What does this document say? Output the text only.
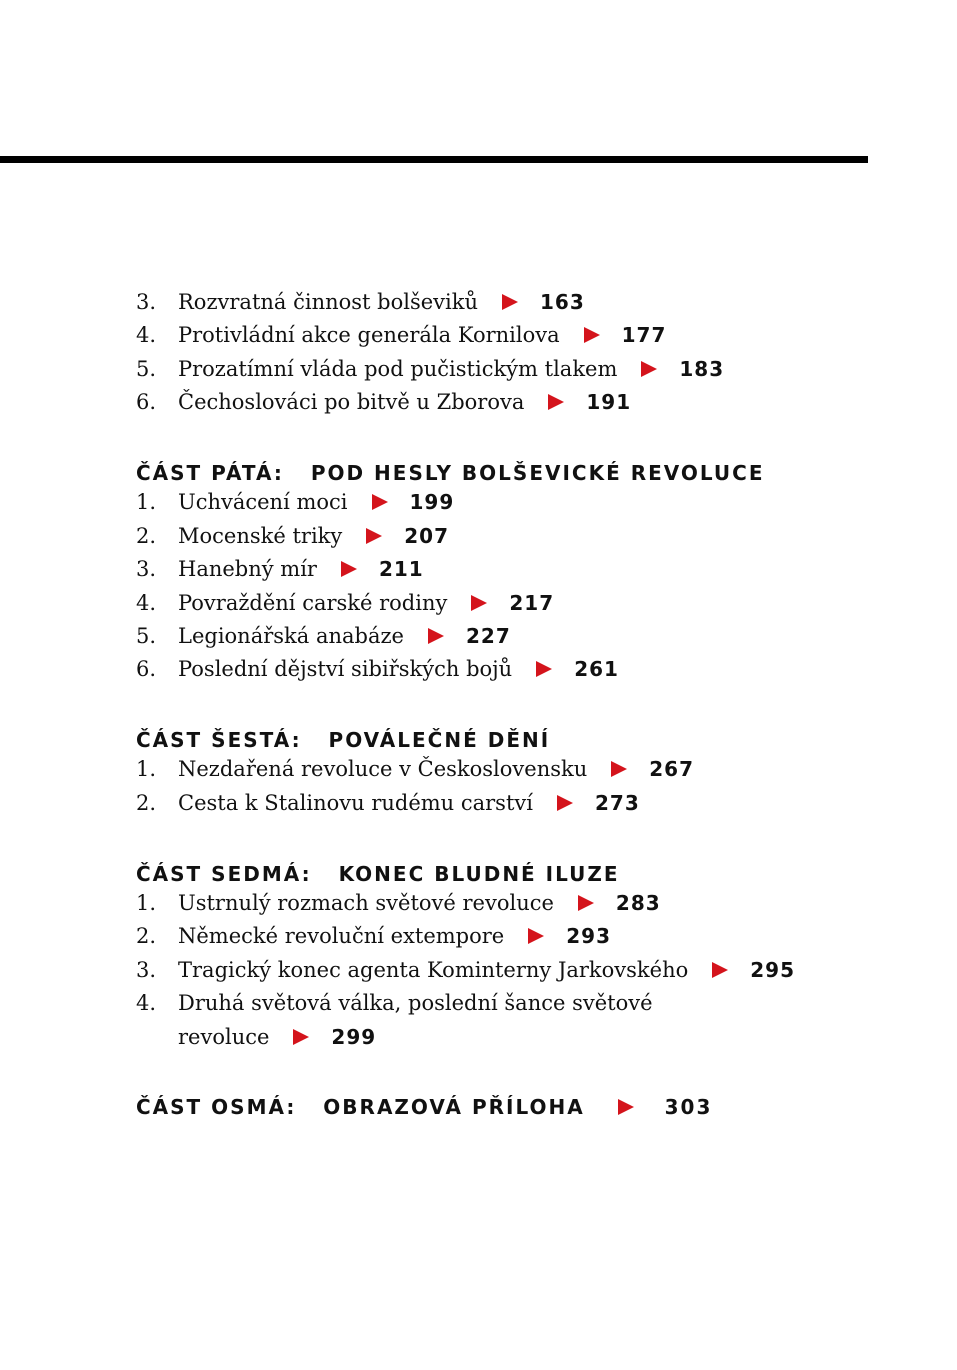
3.	Rozvratná činnost bolševiků	163
4.	Protivládní akce generála Kornilova	177
5.	Prozatímní vláda pod pučistickým tlakem	183
6.	Čechoslováci po bitvě u Zborova	191
ČÁST PÁTÁ: POD HESLY BOLŠEVICKÉ REVOLUCE
1.	Uchvácení moci	199
2.	Mocenské triky	207
3.	Hanebný mír	211
4.	Povraždění carské rodiny	217
5.	Legionářská anabáze	227
6.	Poslední dějství sibiřských bojů	261
ČÁST ŠESTÁ: POVÁLEČNÉ DĚNÍ
1.	Nezdařená revoluce v Československu	267
2.	Cesta k Stalinovu rudému carství	273
ČÁST SEDMÁ: KONEC BLUDNÉ ILUZE
1.	Ustrnulý rozmach světové revoluce	283
2.	Německé revoluční extempore	293
3.	Tragický konec agenta Kominterny Jarkovského	295
4.	Druhá světová válka, poslední šance světové
revoluce	299
ČÁST OSMÁ: OBRAZOVÁ PŘÍLOHA	303
